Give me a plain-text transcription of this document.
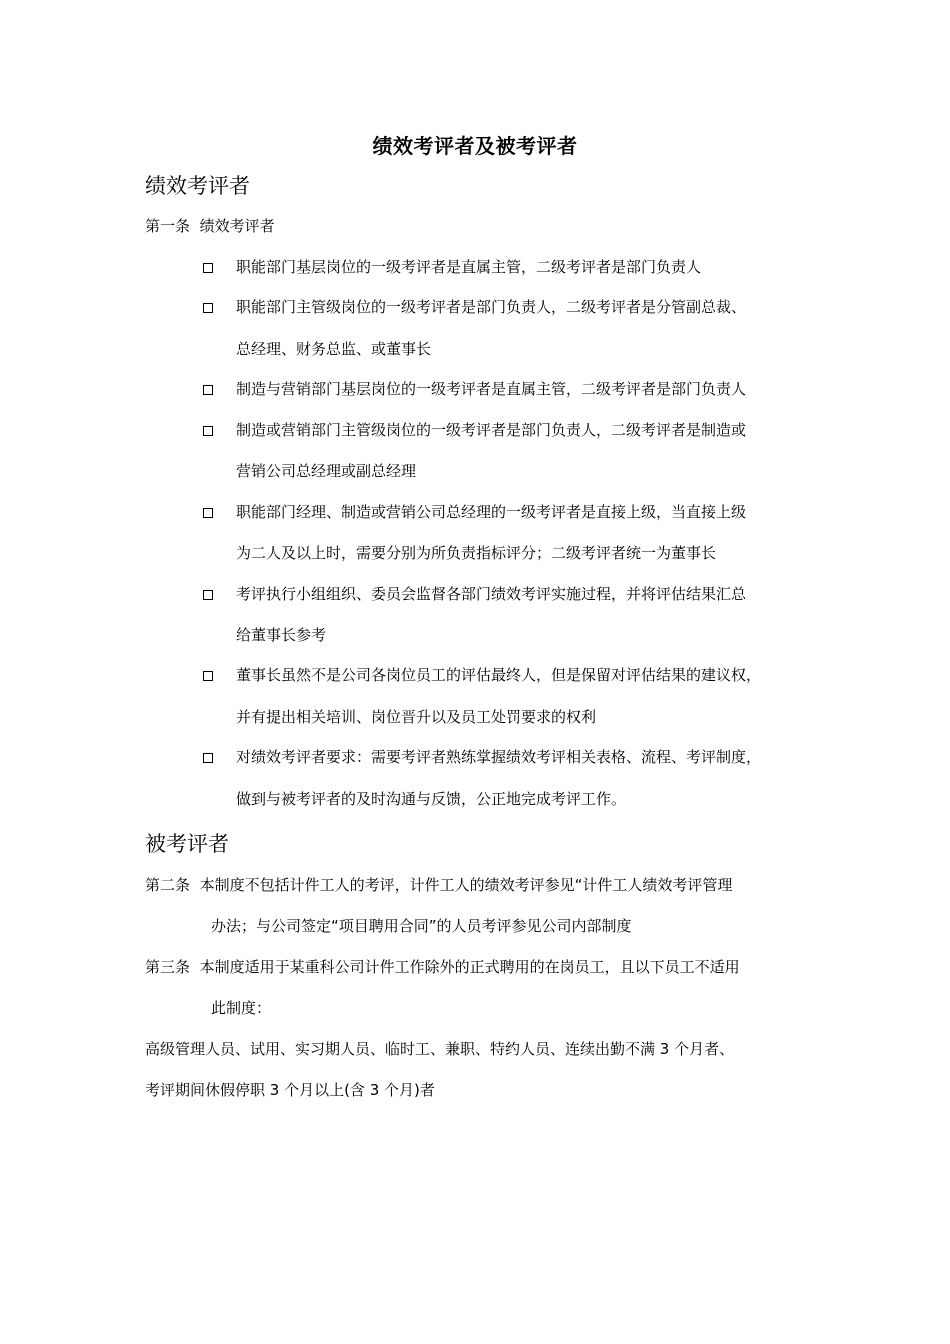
绩效考评者及被考评者
绩效考评者
第一条 绩效考评者
职能部门基层岗位的一级考评者是直属主管，二级考评者是部门负责人
职能部门主管级岗位的一级考评者是部门负责人，二级考评者是分管副总裁、
总经理、财务总监、或董事长
制造与营销部门基层岗位的一级考评者是直属主管，二级考评者是部门负责人
制造或营销部门主管级岗位的一级考评者是部门负责人，二级考评者是制造或
营销公司总经理或副总经理
职能部门经理、制造或营销公司总经理的一级考评者是直接上级，当直接上级
为二人及以上时，需要分别为所负责指标评分；二级考评者统一为董事长
考评执行小组组织、委员会监督各部门绩效考评实施过程，并将评估结果汇总
给董事长参考
董事长虽然不是公司各岗位员工的评估最终人，但是保留对评估结果的建议权，
并有提出相关培训、岗位晋升以及员工处罚要求的权利
对绩效考评者要求：需要考评者熟练掌握绩效考评相关表格、流程、考评制度，
做到与被考评者的及时沟通与反馈，公正地完成考评工作。
被考评者
第二条 本制度不包括计件工人的考评，计件工人的绩效考评参见“计件工人绩效考评管理
办法；与公司签定“项目聘用合同”的人员考评参见公司内部制度
第三条 本制度适用于某重科公司计件工作除外的正式聘用的在岗员工，且以下员工不适用
此制度：
高级管理人员、试用、实习期人员、临时工、兼职、特约人员、连续出勤不满 3 个月者、
考评期间休假停职 3 个月以上(含 3 个月)者
